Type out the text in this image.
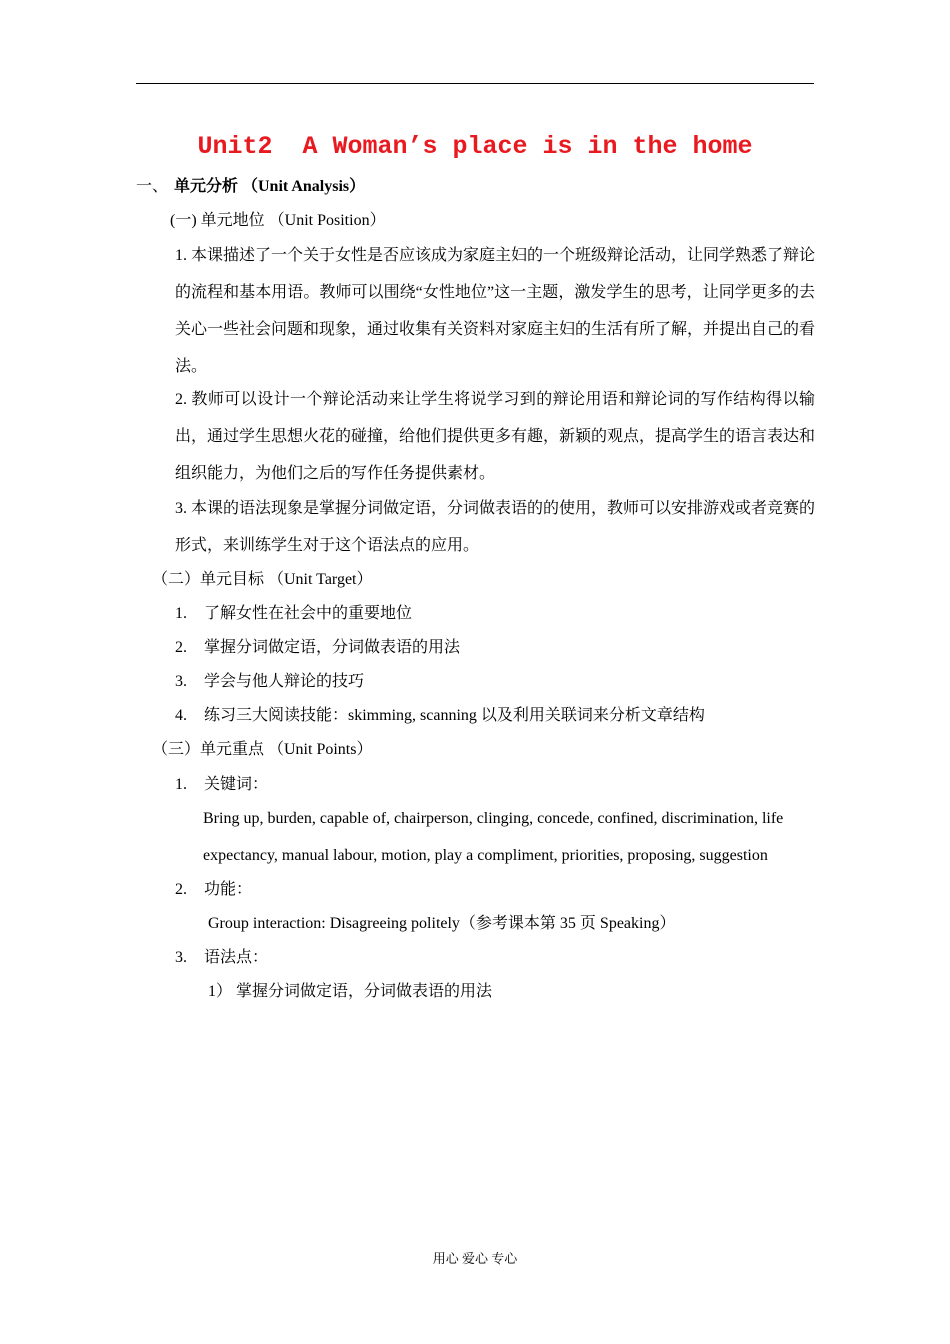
Unit2  A Woman’s place is in the home
一、 单元分析 （Unit Analysis）
(一) 单元地位 （Unit Position）
1. 本课描述了一个关于女性是否应该成为家庭主妇的一个班级辩论活动，让同学熟悉了辩论的流程和基本用语。教师可以围绕“女性地位”这一主题，激发学生的思考，让同学更多的去关心一些社会问题和现象，通过收集有关资料对家庭主妇的生活有所了解，并提出自己的看法。
2. 教师可以设计一个辩论活动来让学生将说学习到的辩论用语和辩论词的写作结构得以输出，通过学生思想火花的碰撞，给他们提供更多有趣，新颖的观点，提高学生的语言表达和组织能力，为他们之后的写作任务提供素材。
3. 本课的语法现象是掌握分词做定语，分词做表语的的使用，教师可以安排游戏或者竞赛的形式，来训练学生对于这个语法点的应用。
（二）单元目标 （Unit Target）
1. 了解女性在社会中的重要地位
2. 掌握分词做定语，分词做表语的用法
3. 学会与他人辩论的技巧
4. 练习三大阅读技能：skimming, scanning 以及利用关联词来分析文章结构
（三）单元重点 （Unit Points）
1. 关键词：
Bring up, burden, capable of, chairperson, clinging, concede, confined, discrimination, life
expectancy, manual labour, motion, play a compliment, priorities, proposing, suggestion
2. 功能：
Group interaction: Disagreeing politely（参考课本第 35 页 Speaking）
3. 语法点：
1） 掌握分词做定语，分词做表语的用法
用心 爱心 专心
